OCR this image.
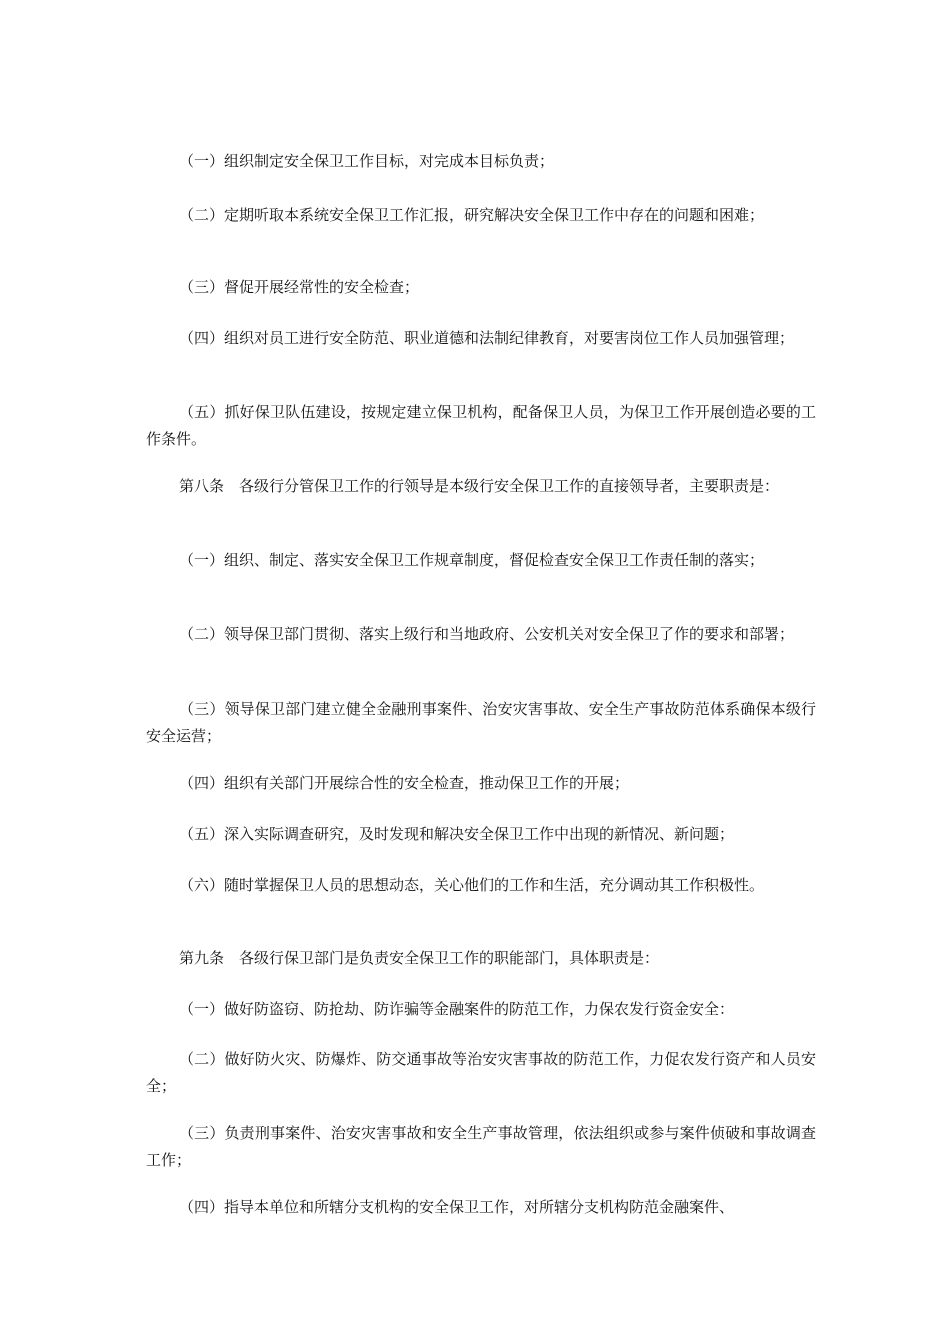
（一）组织制定安全保卫工作目标，对完成本目标负责；

（二）定期听取本系统安全保卫工作汇报，研究解决安全保卫工作中存在的问题和困难；

（三）督促开展经常性的安全检查；

（四）组织对员工进行安全防范、职业道德和法制纪律教育，对要害岗位工作人员加强管理；

（五）抓好保卫队伍建设，按规定建立保卫机构，配备保卫人员，为保卫工作开展创造必要的工作条件。

第八条　各级行分管保卫工作的行领导是本级行安全保卫工作的直接领导者，主要职责是：

（一）组织、制定、落实安全保卫工作规章制度，督促检查安全保卫工作责任制的落实；

（二）领导保卫部门贯彻、落实上级行和当地政府、公安机关对安全保卫了作的要求和部署；

（三）领导保卫部门建立健全金融刑事案件、治安灾害事故、安全生产事故防范体系确保本级行安全运营；

（四）组织有关部门开展综合性的安全检查，推动保卫工作的开展；

（五）深入实际调查研究，及时发现和解决安全保卫工作中出现的新情况、新问题；

（六）随时掌握保卫人员的思想动态，关心他们的工作和生活，充分调动其工作积极性。

第九条　各级行保卫部门是负责安全保卫工作的职能部门，具体职责是：

（一）做好防盗窃、防抢劫、防诈骗等金融案件的防范工作，力保农发行资金安全：

（二）做好防火灾、防爆炸、防交通事故等治安灾害事故的防范工作，力促农发行资产和人员安全；

（三）负责刑事案件、治安灾害事故和安全生产事故管理，依法组织或参与案件侦破和事故调查工作；

（四）指导本单位和所辖分支机构的安全保卫工作，对所辖分支机构防范金融案件、
